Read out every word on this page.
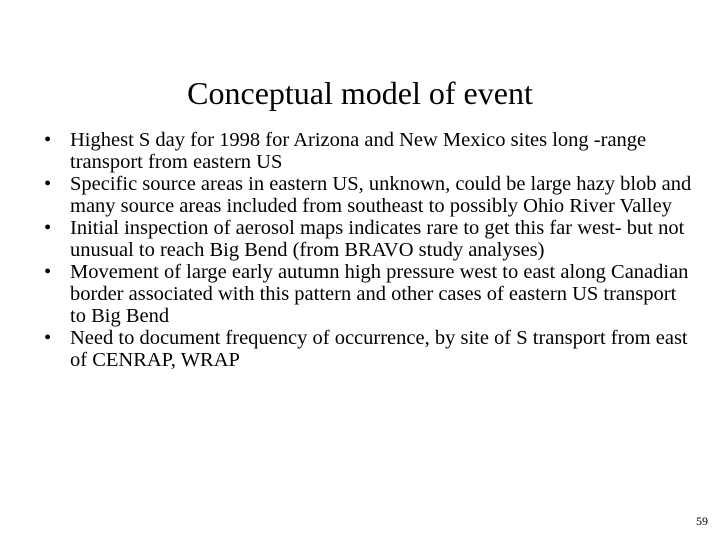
Conceptual model of event
• Highest S day for 1998 for Arizona and New Mexico sites long -range transport from eastern US
• Specific source areas in eastern US, unknown, could be large hazy blob and many source areas included from southeast to possibly Ohio River Valley
• Initial inspection of aerosol maps indicates rare to get this far west- but not unusual to reach Big Bend (from BRAVO study analyses)
• Movement of large early autumn high pressure west to east along Canadian border associated with this pattern and other cases of eastern US transport to Big Bend
• Need to document frequency of occurrence, by site of S transport from east of CENRAP, WRAP
59
